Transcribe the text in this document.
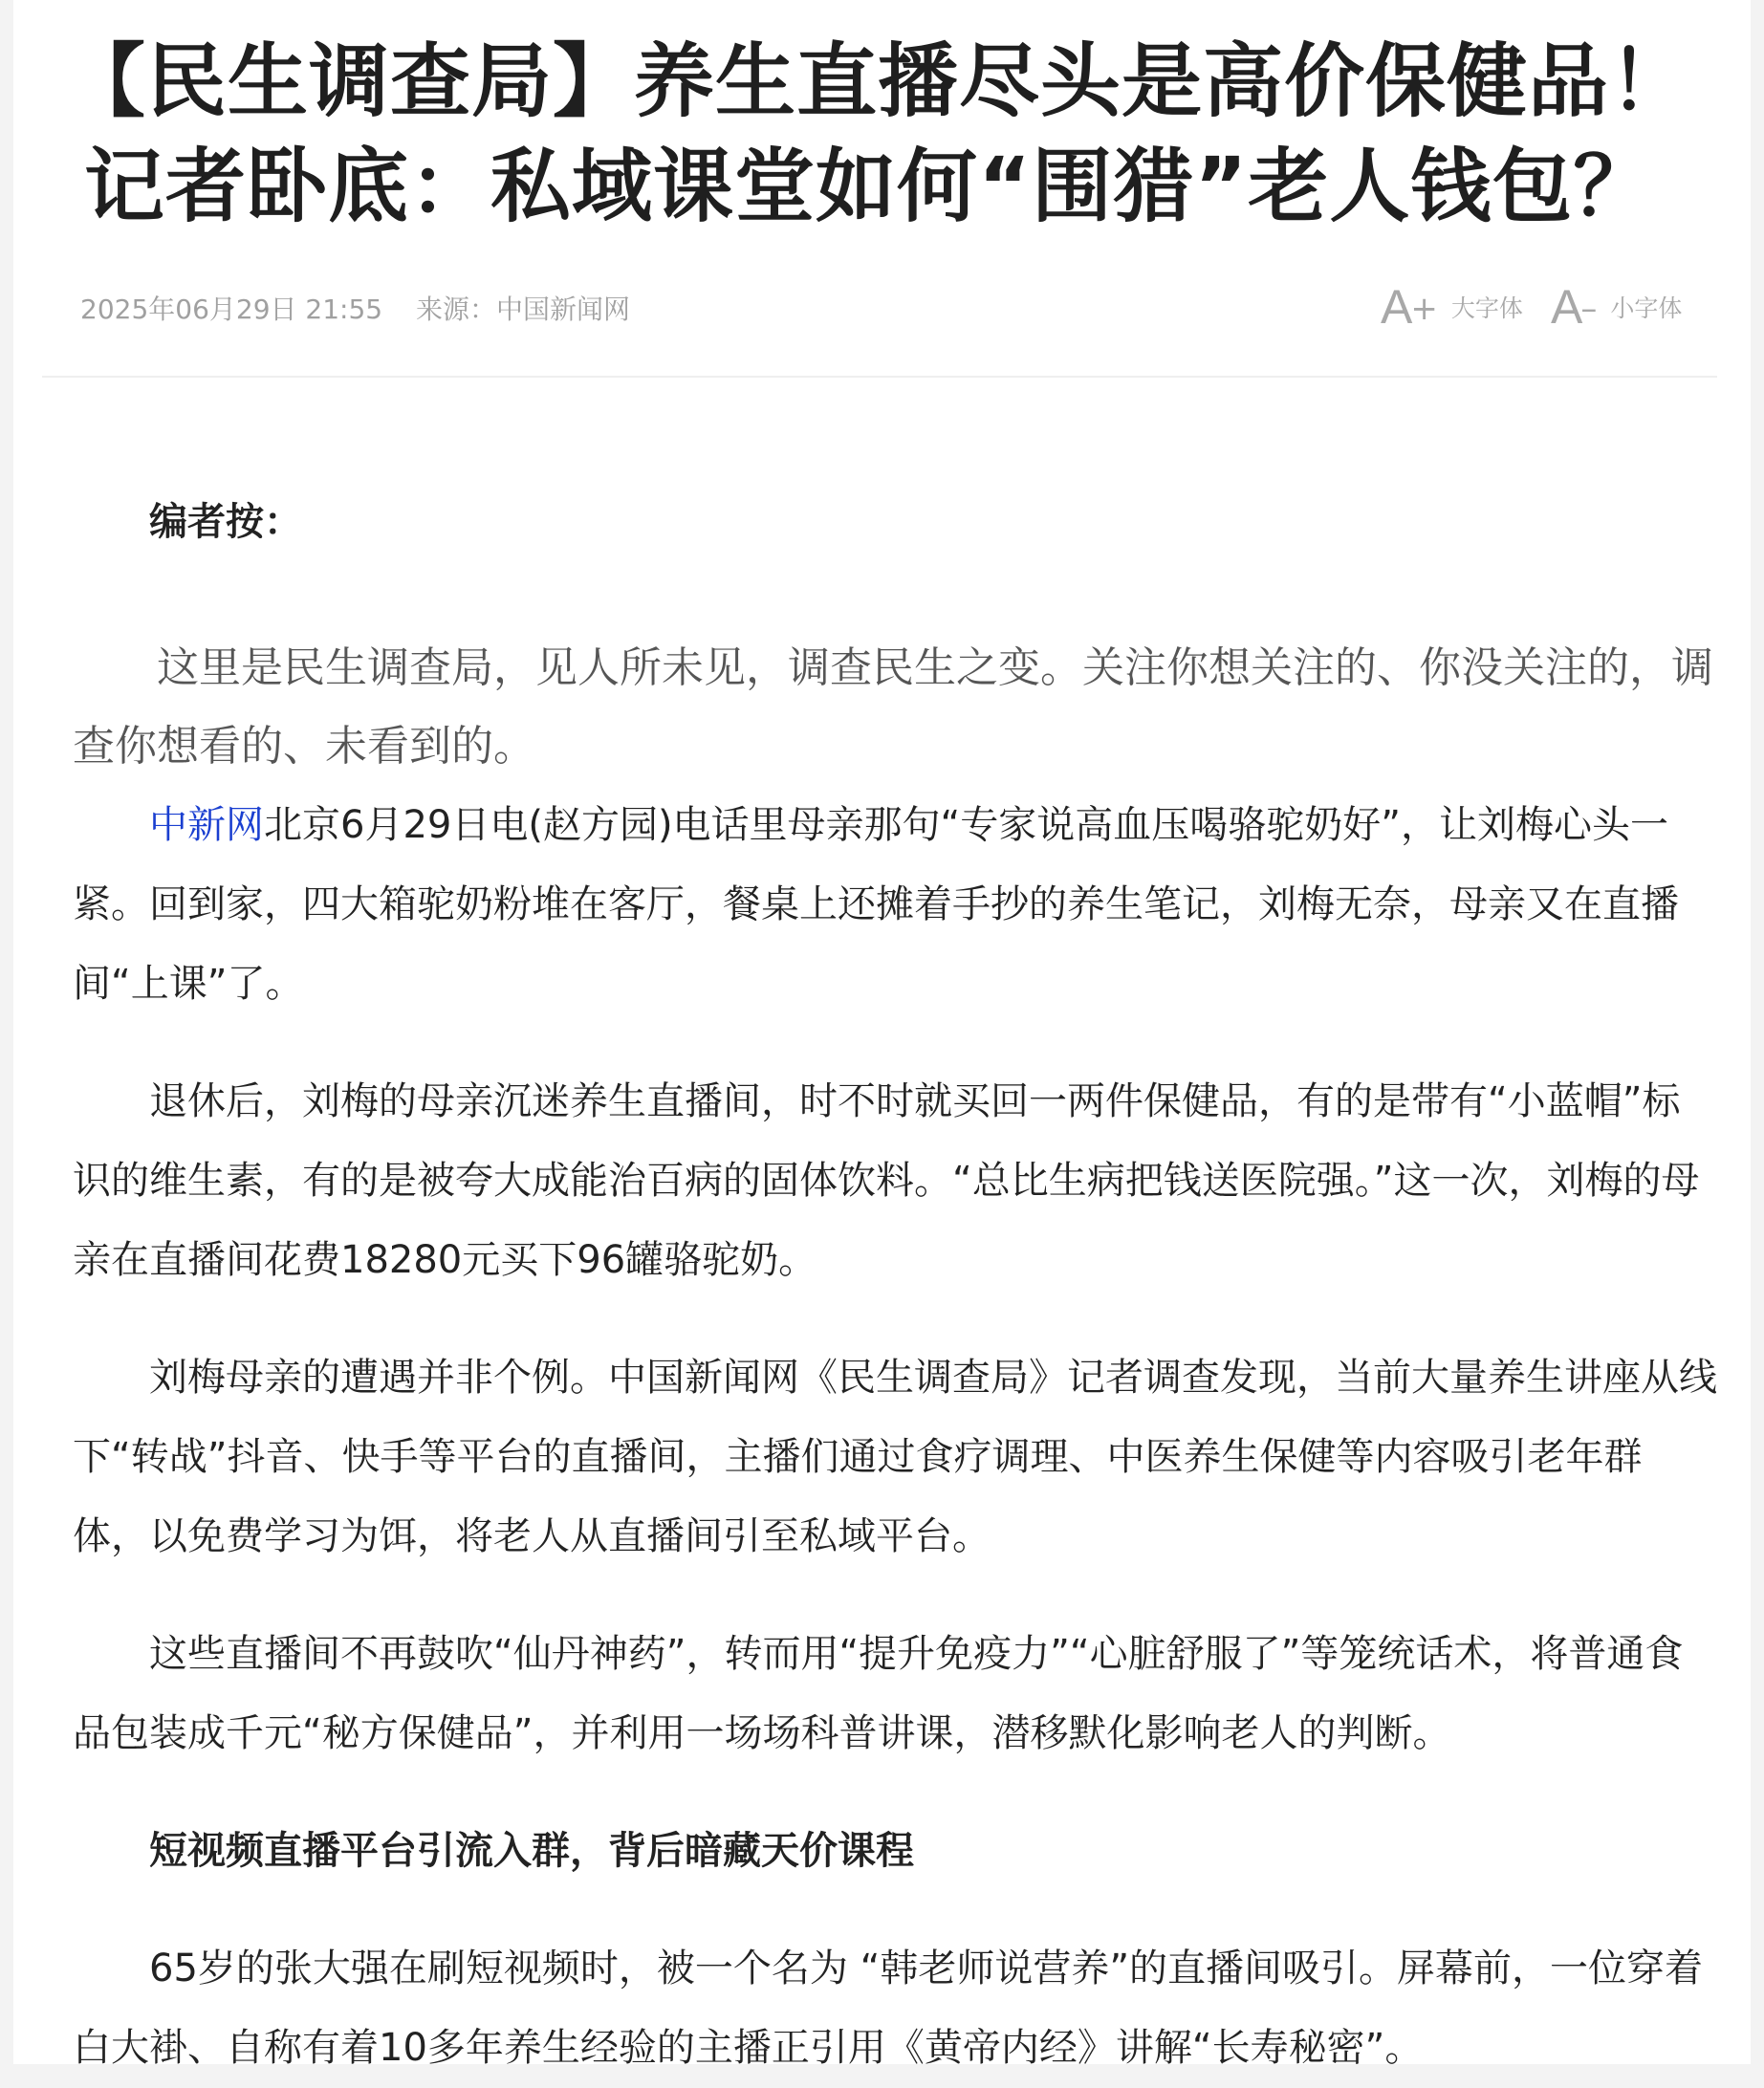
【民生调查局】养生直播尽头是高价保健品！
记者卧底：私域课堂如何“围猎”老人钱包？
2025年06月29日 21:55 来源：中国新闻网	A
+ 大字体 A
– 小字体

编者按：

这里是民生调查局，见人所未见，调查民生之变。关注你想关注的、你没关注的，调查你想看的、未看到的。

中新网北京6月29日电(赵方园)电话里母亲那句“专家说高血压喝骆驼奶好”，让刘梅心头一紧。回到家，四大箱驼奶粉堆在客厅，餐桌上还摊着手抄的养生笔记，刘梅无奈，母亲又在直播间“上课”了。

退休后，刘梅的母亲沉迷养生直播间，时不时就买回一两件保健品，有的是带有“小蓝帽”标识的维生素，有的是被夸大成能治百病的固体饮料。“总比生病把钱送医院强。”这一次，刘梅的母亲在直播间花费18280元买下96罐骆驼奶。

刘梅母亲的遭遇并非个例。中国新闻网《民生调查局》记者调查发现，当前大量养生讲座从线下“转战”抖音、快手等平台的直播间，主播们通过食疗调理、中医养生保健等内容吸引老年群体，以免费学习为饵，将老人从直播间引至私域平台。

这些直播间不再鼓吹“仙丹神药”，转而用“提升免疫力”“心脏舒服了”等笼统话术，将普通食品包装成千元“秘方保健品”，并利用一场场科普讲课，潜移默化影响老人的判断。

短视频直播平台引流入群，背后暗藏天价课程

65岁的张大强在刷短视频时，被一个名为 “韩老师说营养”的直播间吸引。屏幕前，一位穿着白大褂、自称有着10多年养生经验的主播正引用《黄帝内经》讲解“长寿秘密”。
